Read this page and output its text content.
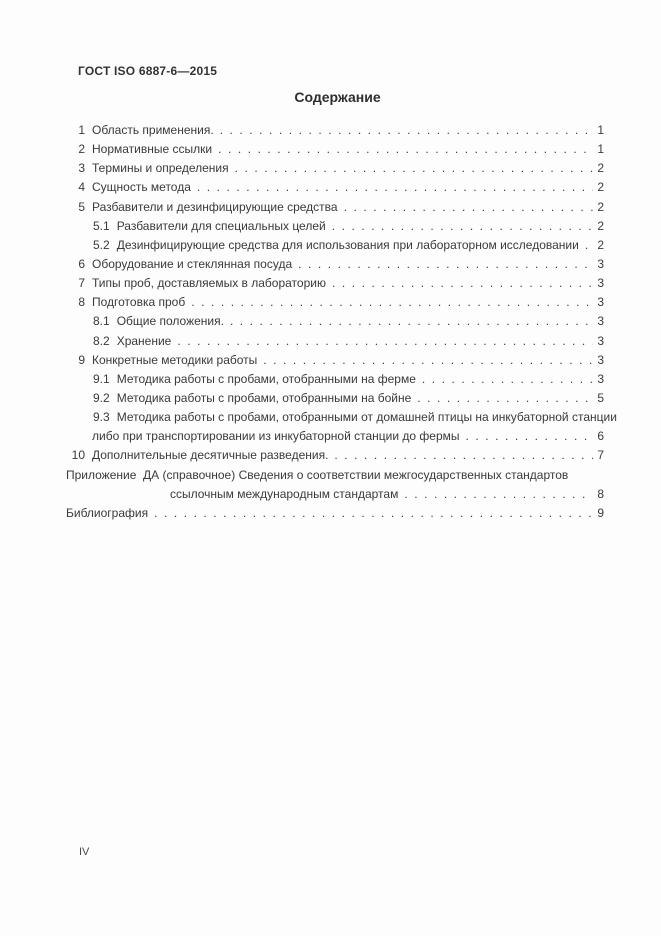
ГОСТ ISO 6887-6—2015
Содержание
1 Область применения. . . .	1
2 Нормативные ссылки . . .	1
3 Термины и определения . . .	2
4 Сущность метода . . .	2
5 Разбавители и дезинфицирующие средства . . .	2
5.1 Разбавители для специальных целей . . .	2
5.2 Дезинфицирующие средства для использования при лабораторном исследовании . . . 2
6 Оборудование и стеклянная посуда . . .	3
7 Типы проб, доставляемых в лабораторию . . .	3
8 Подготовка проб . . .	3
8.1 Общие положения. . . .	3
8.2 Хранение . . .	3
9 Конкретные методики работы . . .	3
9.1 Методика работы с пробами, отобранными на ферме . . .	3
9.2 Методика работы с пробами, отобранными на бойне . . .	5
9.3 Методика работы с пробами, отобранными от домашней птицы на инкубаторной станции
либо при транспортировании из инкубаторной станции до фермы . . .	6
10 Дополнительные десятичные разведения. . . .	7
Приложение  ДА (справочное) Сведения о соответствии межгосударственных стандартов
ссылочным международным стандартам . . .	8
Библиография . . .	9
IV
